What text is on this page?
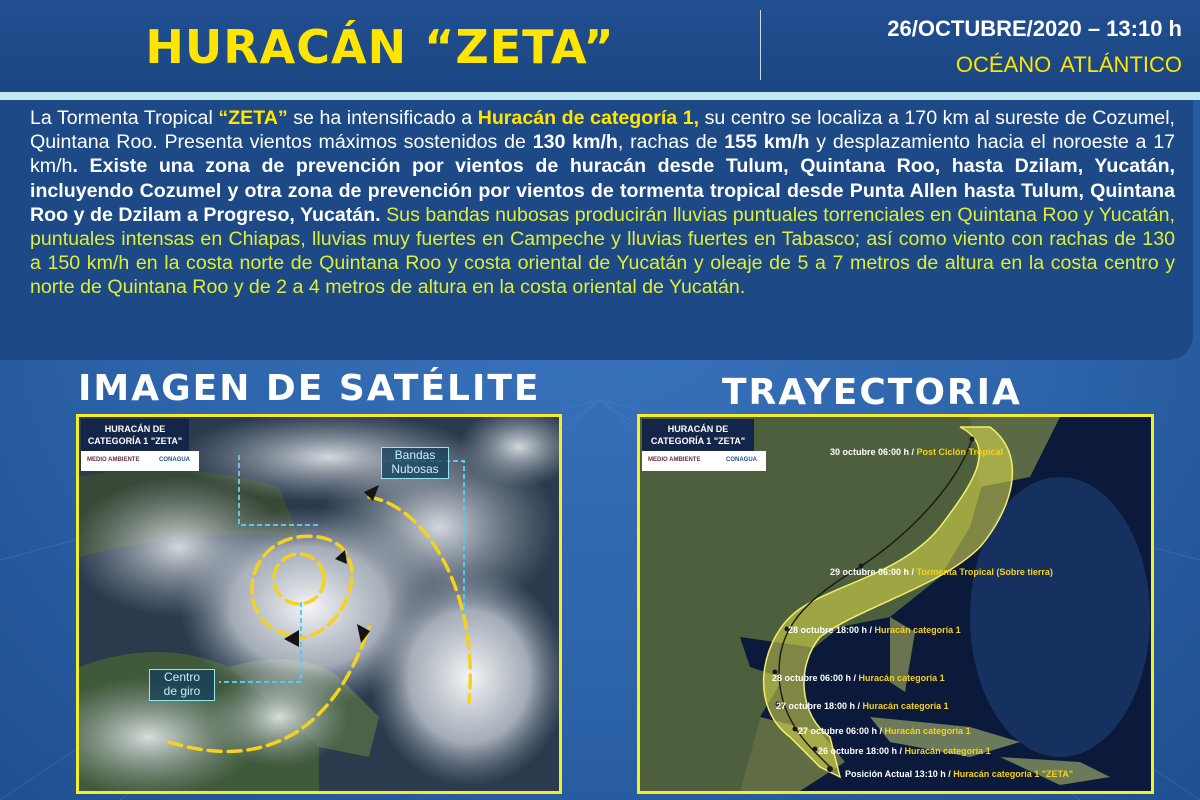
HURACÁN “ZETA”	26/OCTUBRE/2020 – 13:10 h
OCÉANO ATLÁNTICO
La Tormenta Tropical “ZETA” se ha intensificado a Huracán de categoría 1, su centro se localiza a 170 km al sureste de Cozumel, Quintana Roo. Presenta vientos máximos sostenidos de 130 km/h, rachas de 155 km/h y desplazamiento hacia el noroeste a 17 km/h. Existe una zona de prevención por vientos de huracán desde Tulum, Quintana Roo, hasta Dzilam, Yucatán, incluyendo Cozumel y otra zona de prevención por vientos de tormenta tropical desde Punta Allen hasta Tulum, Quintana Roo y de Dzilam a Progreso, Yucatán. Sus bandas nubosas producirán lluvias puntuales torrenciales en Quintana Roo y Yucatán, puntuales intensas en Chiapas, lluvias muy fuertes en Campeche y lluvias fuertes en Tabasco; así como viento con rachas de 130 a 150 km/h en la costa norte de Quintana Roo y costa oriental de Yucatán y oleaje de 5 a 7 metros de altura en la costa centro y norte de Quintana Roo y de 2 a 4 metros de altura en la costa oriental de Yucatán.
IMAGEN DE SATÉLITE	TRAYECTORIA
HURACÁN DE
CATEGORÍA 1 "ZETA"
MEDIO AMBIENTE	CONAGUA	Bandas
Nubosas
Centro
de giro
HURACÁN DE
CATEGORÍA 1 "ZETA"
MEDIO AMBIENTE	CONAGUA
30 octubre 06:00 h / Post Ciclón Tropical
29 octubre 06:00 h / Tormenta Tropical (Sobre tierra)
28 octubre 18:00 h / Huracán categoría 1
28 octubre 06:00 h / Huracán categoría 1
27 octubre 18:00 h / Huracán categoría 1
27 octubre 06:00 h / Huracán categoría 1
26 octubre 18:00 h / Huracán categoría 1
Posición Actual 13:10 h / Huracán categoría 1 "ZETA"
